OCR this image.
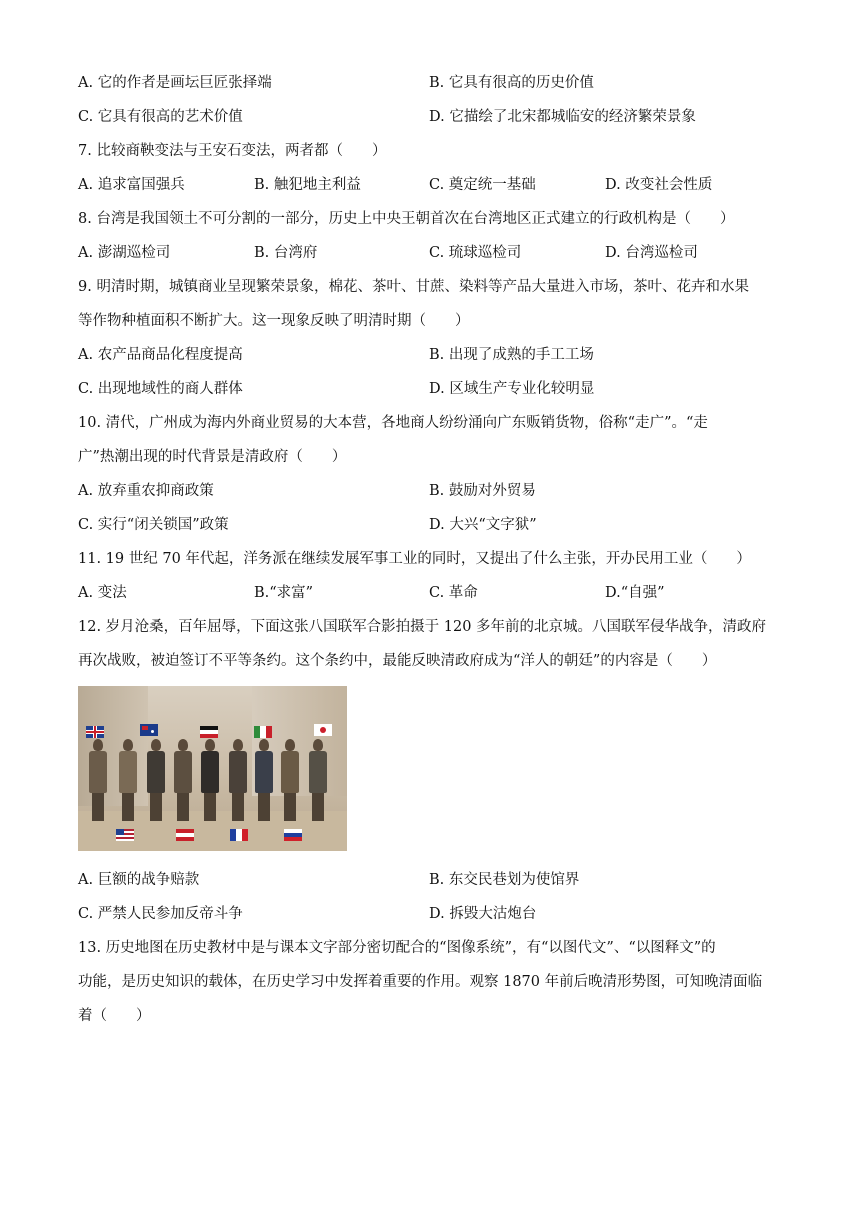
A. 它的作者是画坛巨匠张择端	B. 它具有很高的历史价值
C. 它具有很高的艺术价值	D. 它描绘了北宋都城临安的经济繁荣景象
7. 比较商鞅变法与王安石变法，两者都（　　）
A. 追求富国强兵	B. 触犯地主利益	C. 奠定统一基础	D. 改变社会性质
8. 台湾是我国领土不可分割的一部分，历史上中央王朝首次在台湾地区正式建立的行政机构是（　　）
A. 澎湖巡检司	B. 台湾府	C. 琉球巡检司	D. 台湾巡检司
9. 明清时期，城镇商业呈现繁荣景象，棉花、茶叶、甘蔗、染料等产品大量进入市场，茶叶、花卉和水果
等作物种植面积不断扩大。这一现象反映了明清时期（　　）
A. 农产品商品化程度提高	B. 出现了成熟的手工工场
C. 出现地域性的商人群体	D. 区域生产专业化较明显
10. 清代，广州成为海内外商业贸易的大本营，各地商人纷纷涌向广东贩销货物，俗称“走广”。“走
广”热潮出现的时代背景是清政府（　　）
A. 放弃重农抑商政策	B. 鼓励对外贸易
C. 实行“闭关锁国”政策	D. 大兴“文字狱”
11. 19 世纪 70 年代起，洋务派在继续发展军事工业的同时，又提出了什么主张，开办民用工业（　　）
A. 变法	B.“求富”	C. 革命	D.“自强”
12. 岁月沧桑，百年屈辱，下面这张八国联军合影拍摄于 120 多年前的北京城。八国联军侵华战争，清政府
再次战败，被迫签订不平等条约。这个条约中，最能反映清政府成为“洋人的朝廷”的内容是（　　）
A. 巨额的战争赔款	B. 东交民巷划为使馆界
C. 严禁人民参加反帝斗争	D. 拆毁大沽炮台
13. 历史地图在历史教材中是与课本文字部分密切配合的“图像系统”，有“以图代文”、“以图释文”的
功能，是历史知识的载体，在历史学习中发挥着重要的作用。观察 1870 年前后晚清形势图，可知晚清面临
着（　　）
